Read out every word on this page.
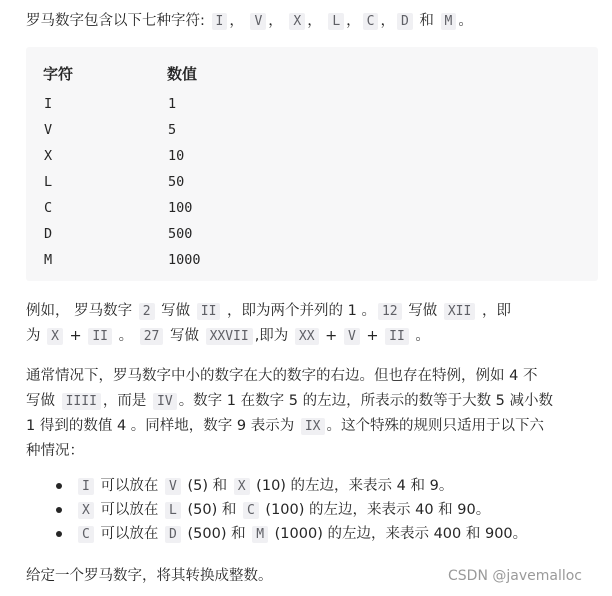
罗马数字包含以下七种字符: I ， V ， X ， L ， C ， D 和 M 。

字符	数值
I	1
V	5
X	10
L	50
C	100
D	500
M	1000
例如， 罗马数字 2 写做 II ，即为两个并列的 1 。 12 写做 XII ，即
为 X + II 。 27 写做 XXVII ,即为 XX + V + II 。
通常情况下，罗马数字中小的数字在大的数字的右边。但也存在特例，例如 4 不
写做 IIII ，而是 IV 。数字 1 在数字 5 的左边，所表示的数等于大数 5 减小数
1 得到的数值 4 。同样地，数字 9 表示为 IX 。这个特殊的规则只适用于以下六
种情况：
I 可以放在 V (5) 和 X (10) 的左边，来表示 4 和 9。
X 可以放在 L (50) 和 C (100) 的左边，来表示 40 和 90。
C 可以放在 D (500) 和 M (1000) 的左边，来表示 400 和 900。

给定一个罗马数字，将其转换成整数。	CSDN @javemalloc
